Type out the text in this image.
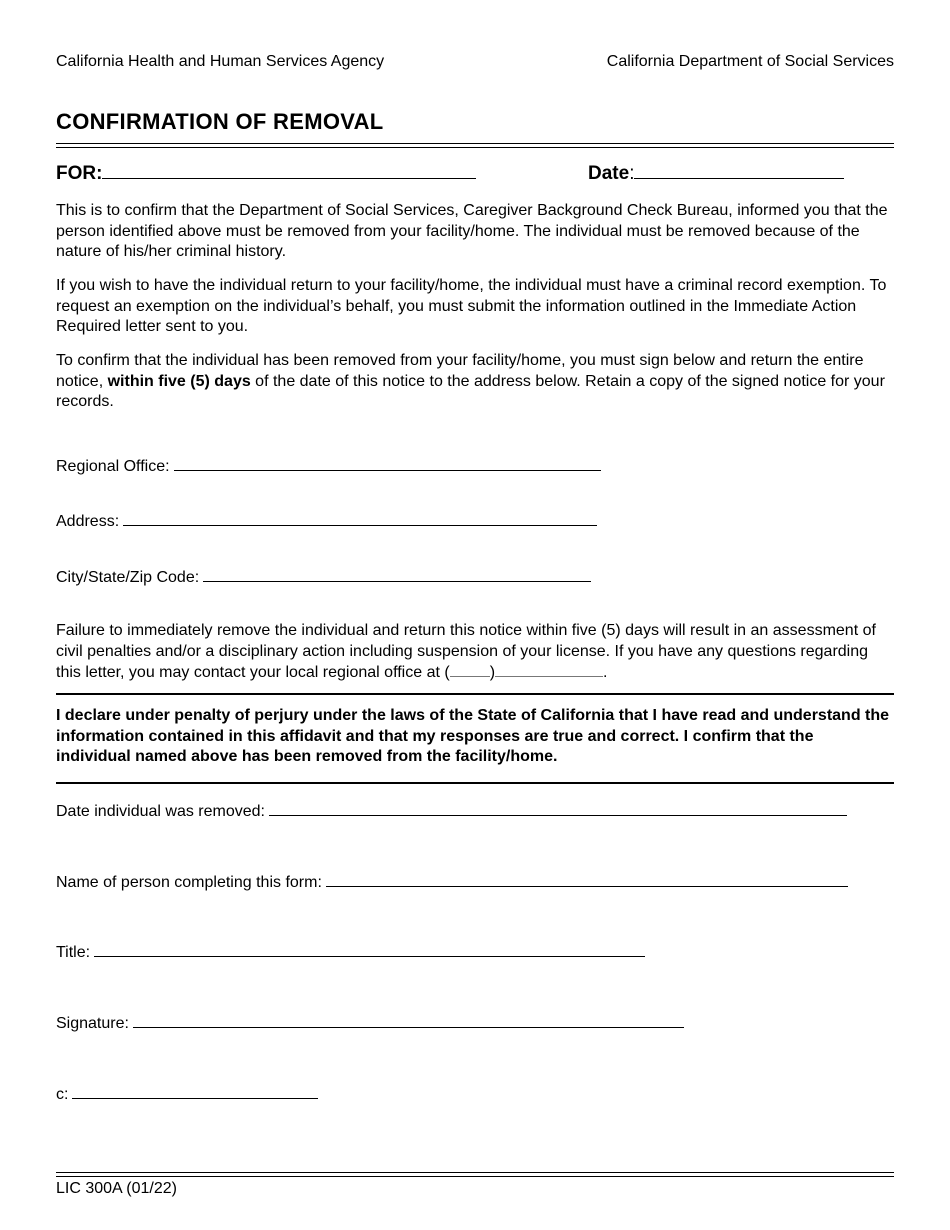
California Health and Human Services Agency	California Department of Social Services
CONFIRMATION OF REMOVAL
FOR:	Date:
This is to confirm that the Department of Social Services, Caregiver Background Check Bureau, informed you that the person identified above must be removed from your facility/home. The individual must be removed because of the nature of his/her criminal history.
If you wish to have the individual return to your facility/home, the individual must have a criminal record exemption. To request an exemption on the individual’s behalf, you must submit the information outlined in the Immediate Action Required letter sent to you.
To confirm that the individual has been removed from your facility/home, you must sign below and return the entire notice, within five (5) days of the date of this notice to the address below. Retain a copy of the signed notice for your records.
Regional Office:
Address:
City/State/Zip Code:
Failure to immediately remove the individual and return this notice within five (5) days will result in an assessment of civil penalties and/or a disciplinary action including suspension of your license. If you have any questions regarding this letter, you may contact your local regional office at (	)	.
I declare under penalty of perjury under the laws of the State of California that I have read and understand the information contained in this affidavit and that my responses are true and correct. I confirm that the individual named above has been removed from the facility/home.
Date individual was removed:
Name of person completing this form:
Title:
Signature:
c:
LIC 300A (01/22)
